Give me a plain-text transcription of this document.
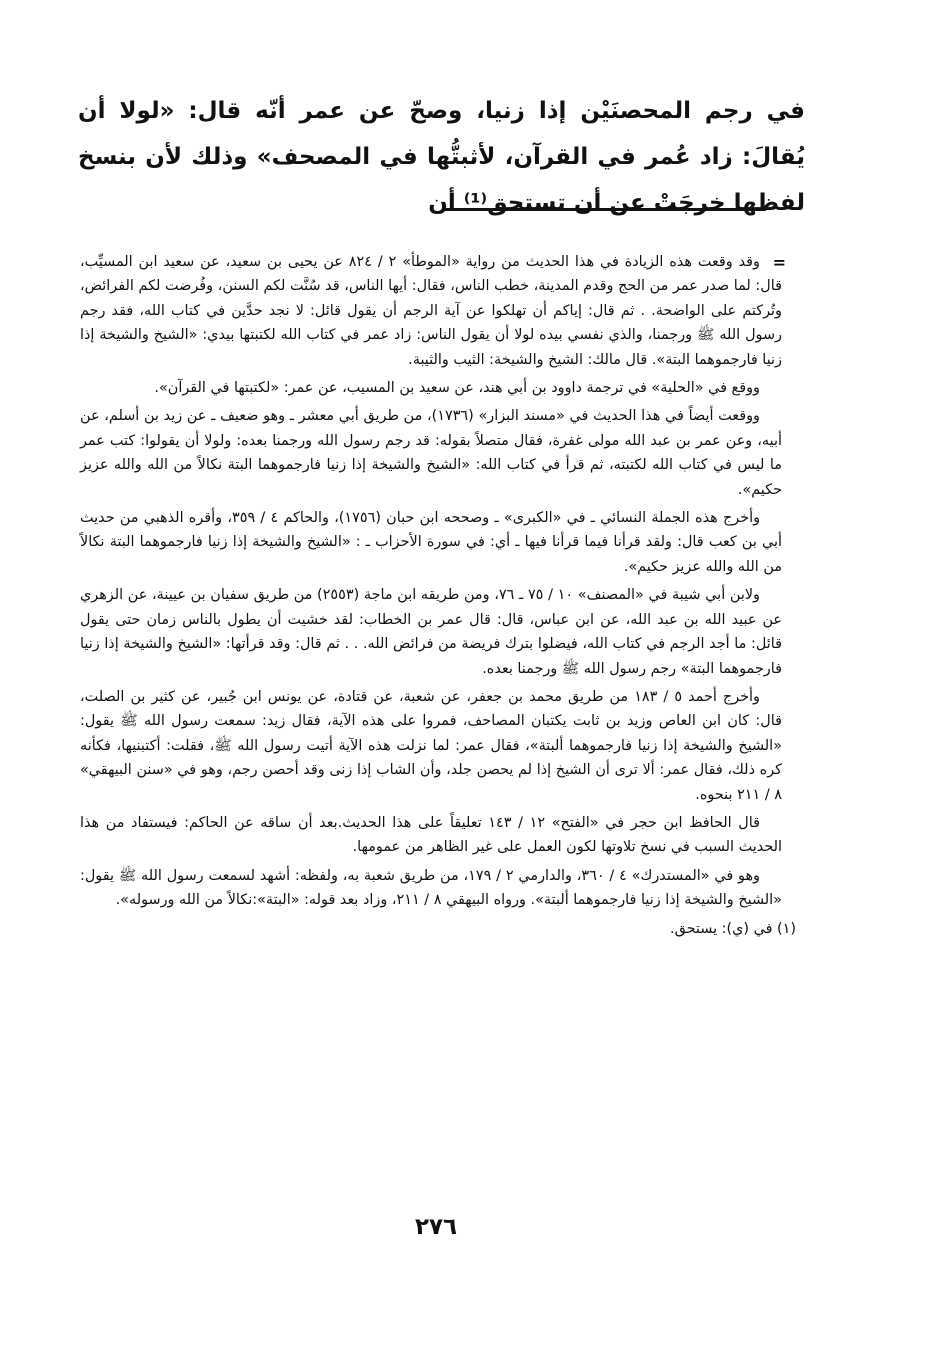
في رجم المحصنَيْن إذا زنيا، وصحّ عن عمر أنّه قال: «لولا أن يُقالَ: زاد عُمر في القرآن، لأثبتُّها في المصحف» وذلك لأن بنسخ لفظها خرجَتْ عن أن تستحق⁽¹⁾ أن

=

وقد وقعت هذه الزيادة في هذا الحديث من رواية «الموطأ» ٢ / ٨٢٤ عن يحيى بن سعيد، عن سعيد ابن المسيِّب، قال: لما صدر عمر من الحج وقدم المدينة، خطب الناس، فقال: أيها الناس، قد سُنَّت لكم السنن، وفُرضت لكم الفرائض، وتُركتم على الواضحة. . ثم قال: إياكم أن تهلكوا عن آية الرجم أن يقول قائل: لا نجد حدَّين في كتاب الله، فقد رجم رسول الله ﷺ ورجمنا، والذي نفسي بيده لولا أن يقول الناس: زاد عمر في كتاب الله لكتبتها بيدي: «الشيخ والشيخة إذا زنيا فارجموهما البتة». قال مالك: الشيخ والشيخة: الثيب والثيبة.

ووقع في «الحلية» في ترجمة داوود بن أبي هند، عن سعيد بن المسيب، عن عمر: «لكتبتها في القرآن».

ووقعت أيضاً في هذا الحديث في «مسند البزار» (١٧٣٦)، من طريق أبي معشر ـ وهو ضعيف ـ عن زيد بن أسلم، عن أبيه، وعن عمر بن عبد الله مولى غفرة، فقال متصلاً بقوله: قد رجم رسول الله ورجمنا بعده: ولولا أن يقولوا: كتب عمر ما ليس في كتاب الله لكتبته، ثم قرأ في كتاب الله: «الشيخ والشيخة إذا زنيا فارجموهما البتة نكالاً من الله والله عزيز حكيم».

وأخرج هذه الجملة النسائي ـ في «الكبرى» ـ وصححه ابن حبان (١٧٥٦)، والحاكم ٤ / ٣٥٩، وأقره الذهبي من حديث أبي بن كعب قال: ولقد قرأنا فيما قرأنا فيها ـ أي: في سورة الأحزاب ـ : «الشيخ والشيخة إذا زنيا فارجموهما البتة نكالاً من الله والله عزيز حكيم».

ولابن أبي شيبة في «المصنف» ١٠ / ٧٥ ـ ٧٦، ومن طريقه ابن ماجة (٢٥٥٣) من طريق سفيان بن عيينة، عن الزهري عن عبيد الله بن عبد الله، عن ابن عباس، قال: قال عمر بن الخطاب: لقد خشيت أن يطول بالناس زمان حتى يقول قائل: ما أجد الرجم في كتاب الله، فيضلوا بترك فريضة من فرائض الله. . . ثم قال: وقد قرأتها: «الشيخ والشيخة إذا زنيا فارجموهما البتة» رجم رسول الله ﷺ ورجمنا بعده.

وأخرج أحمد ٥ / ١٨٣ من طريق محمد بن جعفر، عن شعبة، عن قتادة، عن يونس ابن جُبير، عن كثير بن الصلت، قال: كان ابن العاص وزيد بن ثابت يكتبان المصاحف، فمروا على هذه الآية، فقال زيد: سمعت رسول الله ﷺ يقول: «الشيخ والشيخة إذا زنيا فارجموهما ألبتة»، فقال عمر: لما نزلت هذه الآية أتيت رسول الله ﷺ، فقلت: أكتبنيها، فكأنه كره ذلك، فقال عمر: ألا ترى أن الشيخ إذا لم يحصن جلد، وأن الشاب إذا زنى وقد أحصن رجم، وهو في «سنن البيهقي» ٨ / ٢١١ بنحوه.

قال الحافظ ابن حجر في «الفتح» ١٢ / ١٤٣ تعليقاً على هذا الحديث.بعد أن ساقه عن الحاكم: فيستفاد من هذا الحديث السبب في نسخ تلاوتها لكون العمل على غير الظاهر من عمومها.

وهو في «المستدرك» ٤ / ٣٦٠، والدارمي ٢ / ١٧٩، من طريق شعبة به، ولفظه: أشهد لسمعت رسول الله ﷺ يقول: «الشيخ والشيخة إذا زنيا فارجموهما ألبتة». ورواه البيهقي ٨ / ٢١١، وزاد بعد قوله: «البتة»:نكالاً من الله ورسوله».

(١) في (ي): يستحق.

٢٧٦
